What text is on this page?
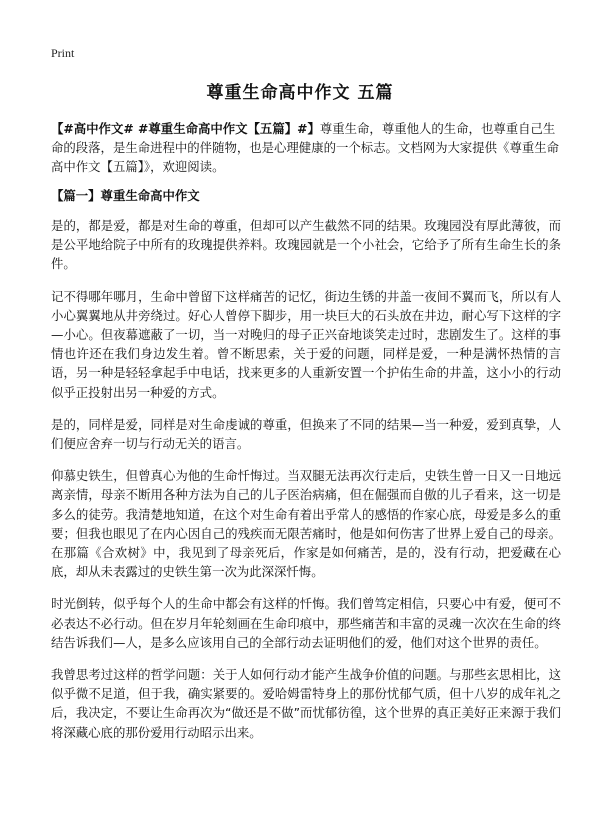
Print
尊重生命高中作文 五篇

【#高中作文# #尊重生命高中作文【五篇】#】尊重生命，尊重他人的生命，也尊重自己生命的段落，是生命进程中的伴随物，也是心理健康的一个标志。文档网为大家提供《尊重生命高中作文【五篇】》，欢迎阅读。

【篇一】尊重生命高中作文

是的，都是爱，都是对生命的尊重，但却可以产生截然不同的结果。玫瑰园没有厚此薄彼，而是公平地给院子中所有的玫瑰提供养料。玫瑰园就是一个小社会，它给予了所有生命生长的条件。

记不得哪年哪月，生命中曾留下这样痛苦的记忆，街边生锈的井盖一夜间不翼而飞，所以有人小心翼翼地从井旁绕过。好心人曾停下脚步，用一块巨大的石头放在井边，耐心写下这样的字—小心。但夜幕遮蔽了一切，当一对晚归的母子正兴奋地谈笑走过时，悲剧发生了。这样的事情也许还在我们身边发生着。曾不断思索，关于爱的问题，同样是爱，一种是满怀热情的言语，另一种是轻轻拿起手中电话，找来更多的人重新安置一个护佑生命的井盖，这小小的行动似乎正投射出另一种爱的方式。

是的，同样是爱，同样是对生命虔诚的尊重，但换来了不同的结果—当一种爱，爱到真挚，人们便应舍弃一切与行动无关的语言。

仰慕史铁生，但曾真心为他的生命忏悔过。当双腿无法再次行走后，史铁生曾一日又一日地远离亲情，母亲不断用各种方法为自己的儿子医治病痛，但在倔强而自傲的儿子看来，这一切是多么的徒劳。我清楚地知道，在这个对生命有着出乎常人的感悟的作家心底，母爱是多么的重要；但我也眼见了在内心因自己的残疾而无限苦痛时，他是如何伤害了世界上爱自己的母亲。在那篇《合欢树》中，我见到了母亲死后，作家是如何痛苦，是的，没有行动，把爱藏在心底，却从未表露过的史铁生第一次为此深深忏悔。

时光倒转，似乎每个人的生命中都会有这样的忏悔。我们曾笃定相信，只要心中有爱，便可不必表达不必行动。但在岁月年轮刻画在生命印痕中，那些痛苦和丰富的灵魂一次次在生命的终结告诉我们—人，是多么应该用自己的全部行动去证明他们的爱，他们对这个世界的责任。

我曾思考过这样的哲学问题：关于人如何行动才能产生战争价值的问题。与那些玄思相比，这似乎微不足道，但于我，确实紧要的。爱哈姆雷特身上的那份忧郁气质，但十八岁的成年礼之后，我决定，不要让生命再次为“做还是不做”而忧郁彷徨，这个世界的真正美好正来源于我们将深藏心底的那份爱用行动昭示出来。
